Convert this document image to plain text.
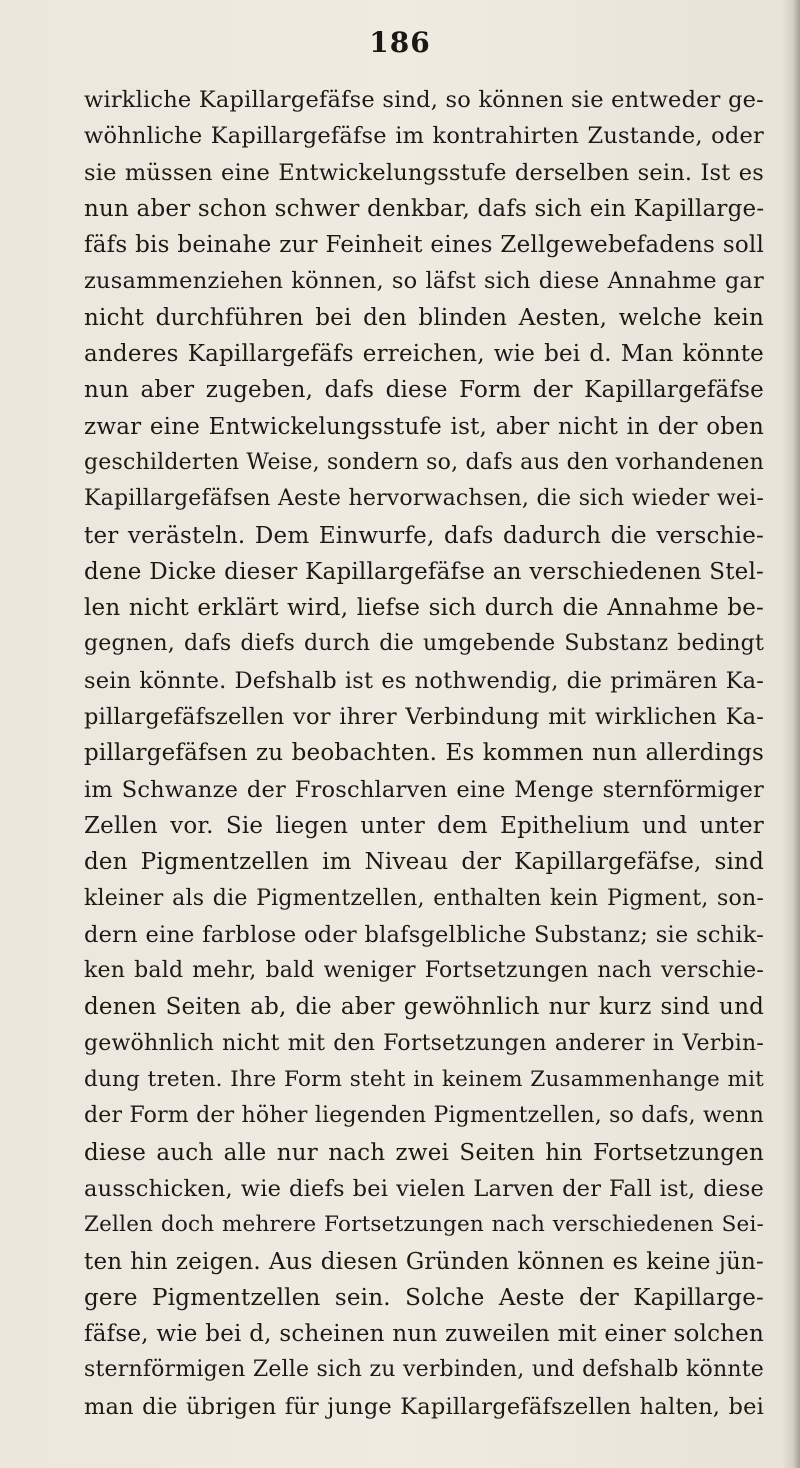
186
wirkliche Kapillargefäfse sind, so können sie entweder ge-
wöhnliche Kapillargefäfse im kontrahirten Zustande, oder
sie müssen eine Entwickelungsstufe derselben sein. Ist es
nun aber schon schwer denkbar, dafs sich ein Kapillarge-
fäfs bis beinahe zur Feinheit eines Zellgewebefadens soll
zusammenziehen können, so läfst sich diese Annahme gar
nicht durchführen bei den blinden Aesten, welche kein
anderes Kapillargefäfs erreichen, wie bei d. Man könnte
nun aber zugeben, dafs diese Form der Kapillargefäfse
zwar eine Entwickelungsstufe ist, aber nicht in der oben
geschilderten Weise, sondern so, dafs aus den vorhandenen
Kapillargefäfsen Aeste hervorwachsen, die sich wieder wei-
ter verästeln. Dem Einwurfe, dafs dadurch die verschie-
dene Dicke dieser Kapillargefäfse an verschiedenen Stel-
len nicht erklärt wird, liefse sich durch die Annahme be-
gegnen, dafs diefs durch die umgebende Substanz bedingt
sein könnte. Defshalb ist es nothwendig, die primären Ka-
pillargefäfszellen vor ihrer Verbindung mit wirklichen Ka-
pillargefäfsen zu beobachten. Es kommen nun allerdings
im Schwanze der Froschlarven eine Menge sternförmiger
Zellen vor. Sie liegen unter dem Epithelium und unter
den Pigmentzellen im Niveau der Kapillargefäfse, sind
kleiner als die Pigmentzellen, enthalten kein Pigment, son-
dern eine farblose oder blafsgelbliche Substanz; sie schik-
ken bald mehr, bald weniger Fortsetzungen nach verschie-
denen Seiten ab, die aber gewöhnlich nur kurz sind und
gewöhnlich nicht mit den Fortsetzungen anderer in Verbin-
dung treten. Ihre Form steht in keinem Zusammenhange mit
der Form der höher liegenden Pigmentzellen, so dafs, wenn
diese auch alle nur nach zwei Seiten hin Fortsetzungen
ausschicken, wie diefs bei vielen Larven der Fall ist, diese
Zellen doch mehrere Fortsetzungen nach verschiedenen Sei-
ten hin zeigen. Aus diesen Gründen können es keine jün-
gere Pigmentzellen sein. Solche Aeste der Kapillarge-
fäfse, wie bei d, scheinen nun zuweilen mit einer solchen
sternförmigen Zelle sich zu verbinden, und defshalb könnte
man die übrigen für junge Kapillargefäfszellen halten, bei
